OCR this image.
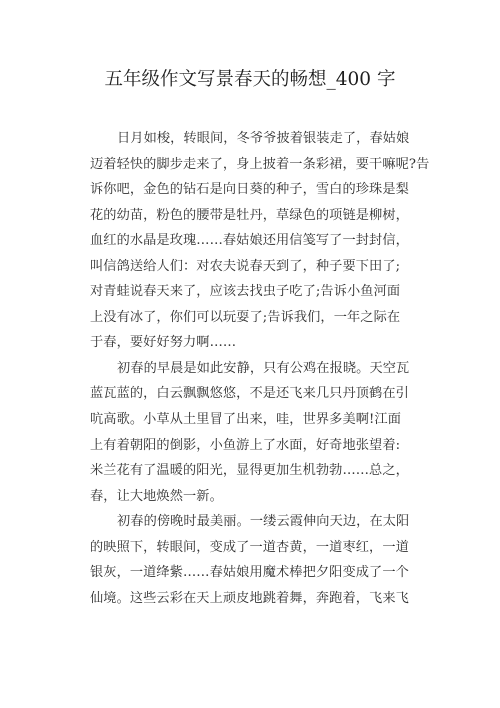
五年级作文写景春天的畅想_400 字
日月如梭，转眼间，冬爷爷披着银装走了，春姑娘
迈着轻快的脚步走来了，身上披着一条彩裙，要干嘛呢?告
诉你吧，金色的钻石是向日葵的种子，雪白的珍珠是梨
花的幼苗，粉色的腰带是牡丹，草绿色的项链是柳树，
血红的水晶是玫瑰……春姑娘还用信笺写了一封封信，
叫信鸽送给人们：对农夫说春天到了，种子要下田了;
对青蛙说春天来了，应该去找虫子吃了;告诉小鱼河面
上没有冰了，你们可以玩耍了;告诉我们，一年之际在
于春，要好好努力啊……
初春的早晨是如此安静，只有公鸡在报晓。天空瓦
蓝瓦蓝的，白云飘飘悠悠，不是还飞来几只丹顶鹤在引
吭高歌。小草从土里冒了出来，哇，世界多美啊!江面
上有着朝阳的倒影，小鱼游上了水面，好奇地张望着:
米兰花有了温暖的阳光，显得更加生机勃勃……总之，
春，让大地焕然一新。
初春的傍晚时最美丽。一缕云霞伸向天边，在太阳
的映照下，转眼间，变成了一道杏黄，一道枣红，一道
银灰，一道绛紫……春姑娘用魔术棒把夕阳变成了一个
仙境。这些云彩在天上顽皮地跳着舞，奔跑着，飞来飞
